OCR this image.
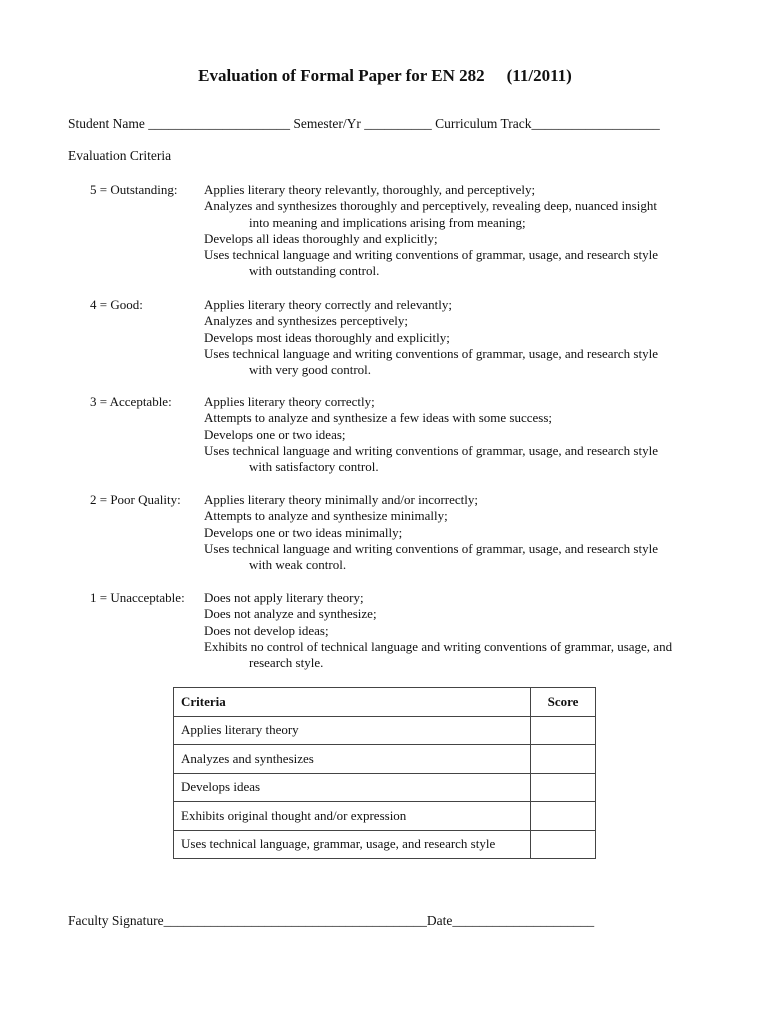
Evaluation of Formal Paper for EN 282 (11/2011)
Student Name _____________________ Semester/Yr __________ Curriculum Track___________________
Evaluation Criteria
5 = Outstanding: Applies literary theory relevantly, thoroughly, and perceptively;
Analyzes and synthesizes thoroughly and perceptively, revealing deep, nuanced insight
into meaning and implications arising from meaning;
Develops all ideas thoroughly and explicitly;
Uses technical language and writing conventions of grammar, usage, and research style
with outstanding control.
4 = Good:	Applies literary theory correctly and relevantly;
Analyzes and synthesizes perceptively;
Develops most ideas thoroughly and explicitly;
Uses technical language and writing conventions of grammar, usage, and research style
with very good control.
3 = Acceptable: Applies literary theory correctly;
Attempts to analyze and synthesize a few ideas with some success;
Develops one or two ideas;
Uses technical language and writing conventions of grammar, usage, and research style
with satisfactory control.
2 = Poor Quality: Applies literary theory minimally and/or incorrectly;
Attempts to analyze and synthesize minimally;
Develops one or two ideas minimally;
Uses technical language and writing conventions of grammar, usage, and research style
with weak control.
1 = Unacceptable: Does not apply literary theory;
Does not analyze and synthesize;
Does not develop ideas;
Exhibits no control of technical language and writing conventions of grammar, usage, and
research style.
Criteria	Score
Applies literary theory	
Analyzes and synthesizes	
Develops ideas	
Exhibits original thought and/or expression	
Uses technical language, grammar, usage, and research style	
Faculty Signature_______________________________________Date_____________________
